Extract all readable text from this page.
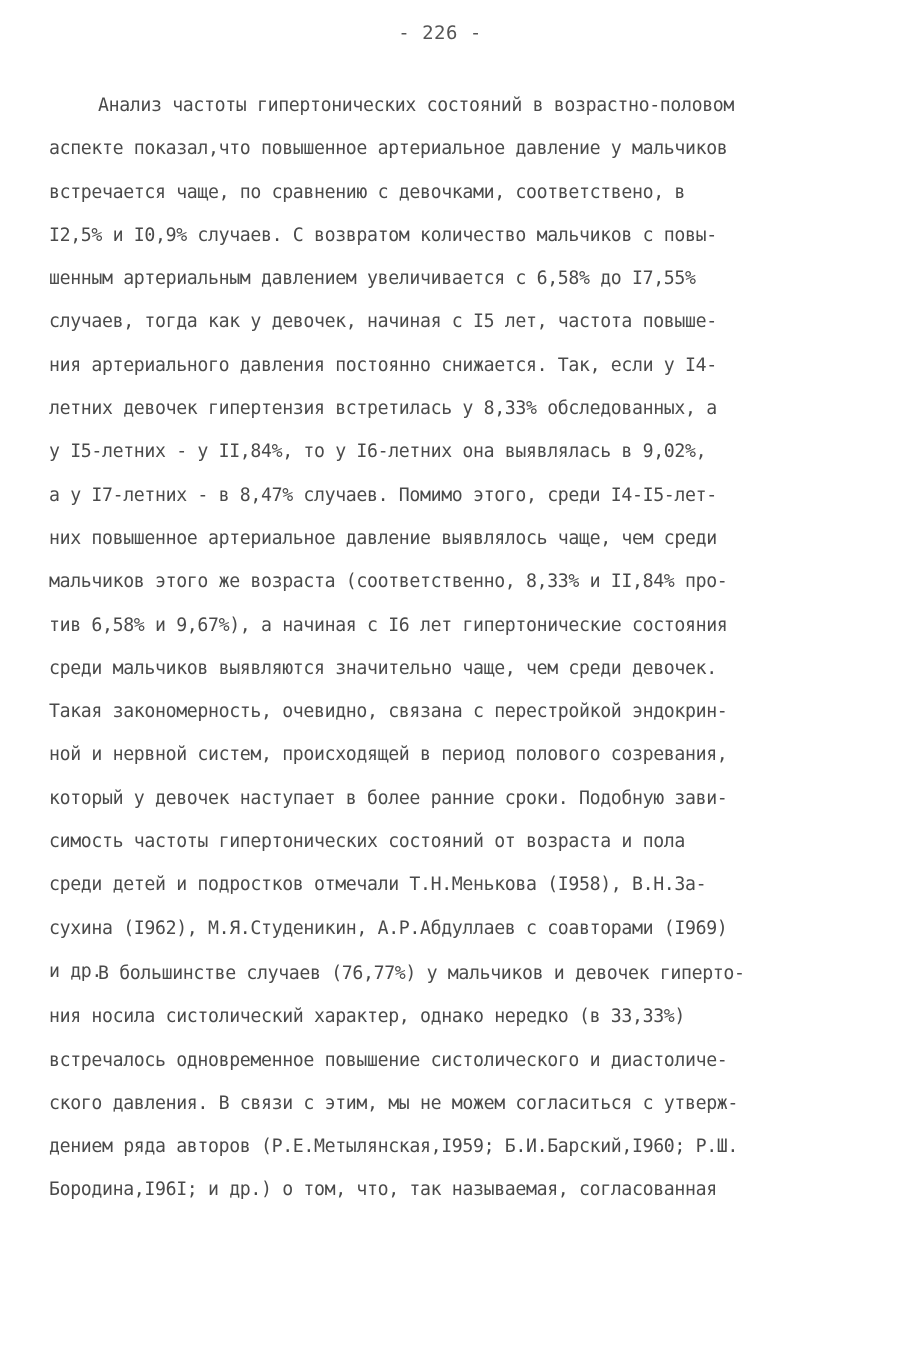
- 226 -
Анализ частоты гипертонических состояний в возрастно-половом
аспекте показал,что повышенное артериальное давление у мальчиков
встречается чаще, по сравнению с девочками, соответствено, в
I2,5% и I0,9% случаев. С возвратом количество мальчиков с повы-
шенным артериальным давлением увеличивается с 6,58% до I7,55%
случаев, тогда как у девочек, начиная с I5 лет, частота повыше-
ния артериального давления постоянно снижается. Так, если у I4-
летних девочек гипертензия встретилась у 8,33% обследованных, а
у I5-летних - у II,84%, то у I6-летних она выявлялась в 9,02%,
а у I7-летних - в 8,47% случаев. Помимо этого, среди I4-I5-лет-
них повышенное артериальное давление выявлялось чаще, чем среди
мальчиков этого же возраста (соответственно, 8,33% и II,84% про-
тив 6,58% и 9,67%), а начиная с I6 лет гипертонические состояния
среди мальчиков выявляются значительно чаще, чем среди девочек.
Такая закономерность, очевидно, связана с перестройкой эндокрин-
ной и нервной систем, происходящей в период полового созревания,
который у девочек наступает в более ранние сроки. Подобную зави-
симость частоты гипертонических состояний от возраста и пола
среди детей и подростков отмечали Т.Н.Менькова (I958), В.Н.За-
сухина (I962), М.Я.Студеникин, А.Р.Абдуллаев с соавторами (I969)
и др.
В большинстве случаев (76,77%) у мальчиков и девочек гиперто-
ния носила систолический характер, однако нередко (в 33,33%)
встречалось одновременное повышение систолического и диастоличе-
ского давления. В связи с этим, мы не можем согласиться с утверж-
дением ряда авторов (Р.Е.Метылянская,I959; Б.И.Барский,I960; Р.Ш.
Бородина,I96I; и др.) о том, что, так называемая, согласованная
